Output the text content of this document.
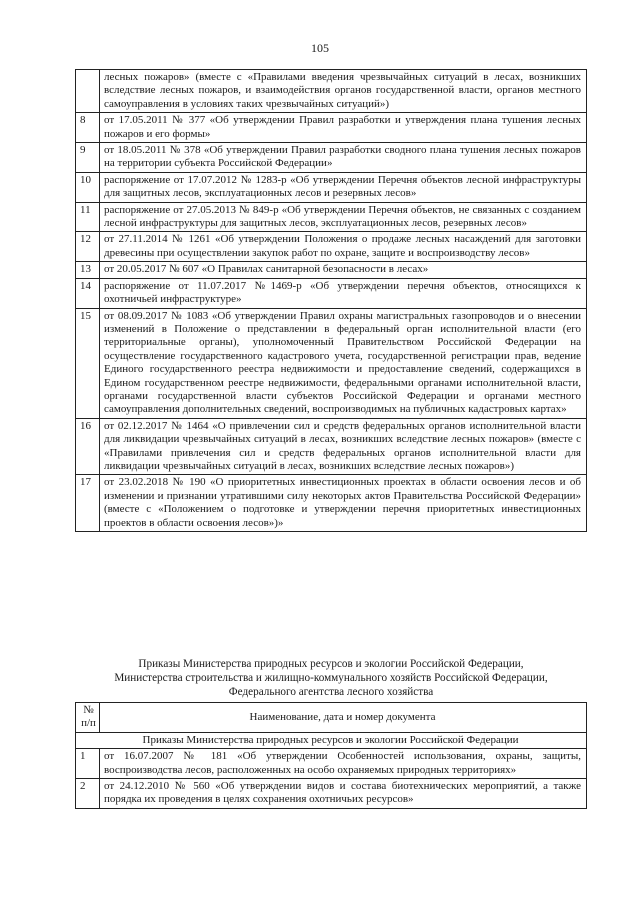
105
	лесных пожаров» (вместе с «Правилами введения чрезвычайных ситуаций в лесах, возникших вследствие лесных пожаров, и взаимодействия органов государственной власти, органов местного самоуправления в условиях таких чрезвычайных ситуаций»)
8	от 17.05.2011 № 377 «Об утверждении Правил разработки и утверждения плана тушения лесных пожаров и его формы»
9	от 18.05.2011 № 378 «Об утверждении Правил разработки сводного плана тушения лесных пожаров на территории субъекта Российской Федерации»
10	распоряжение от 17.07.2012 № 1283-р «Об утверждении Перечня объектов лесной инфраструктуры для защитных лесов, эксплуатационных лесов и резервных лесов»
11	распоряжение от 27.05.2013 № 849-р «Об утверждении Перечня объектов, не связанных с созданием лесной инфраструктуры для защитных лесов, эксплуатационных лесов, резервных лесов»
12	от 27.11.2014 № 1261 «Об утверждении Положения о продаже лесных насаждений для заготовки древесины при осуществлении закупок работ по охране, защите и воспроизводству лесов»
13	от 20.05.2017 № 607 «О Правилах санитарной безопасности в лесах»
14	распоряжение от 11.07.2017 №1469-р «Об утверждении перечня объектов, относящихся к охотничьей инфраструктуре»
15	от 08.09.2017 № 1083 «Об утверждении Правил охраны магистральных газопроводов и о внесении изменений в Положение о представлении в федеральный орган исполнительной власти (его территориальные органы), уполномоченный Правительством Российской Федерации на осуществление государственного кадастрового учета, государственной регистрации прав, ведение Единого государственного реестра недвижимости и предоставление сведений, содержащихся в Едином государственном реестре недвижимости, федеральными органами исполнительной власти, органами государственной власти субъектов Российской Федерации и органами местного самоуправления дополнительных сведений, воспроизводимых на публичных кадастровых картах»
16	от 02.12.2017 № 1464 «О привлечении сил и средств федеральных органов исполнительной власти для ликвидации чрезвычайных ситуаций в лесах, возникших вследствие лесных пожаров» (вместе с «Правилами привлечения сил и средств федеральных органов исполнительной власти для ликвидации чрезвычайных ситуаций в лесах, возникших вследствие лесных пожаров»)
17	от 23.02.2018 № 190 «О приоритетных инвестиционных проектах в области освоения лесов и об изменении и признании утратившими силу некоторых актов Правительства Российской Федерации» (вместе с «Положением о подготовке и утверждении перечня приоритетных инвестиционных проектов в области освоения лесов»)»
Приказы Министерства природных ресурсов и экологии Российской Федерации,
Министерства строительства и жилищно-коммунального хозяйств Российской Федерации,
Федерального агентства лесного хозяйства
№ п/п	Наименование, дата и номер документа
Приказы Министерства природных ресурсов и экологии Российской Федерации	
1	от 16.07.2007 № 181 «Об утверждении Особенностей использования, охраны, защиты, воспроизводства лесов, расположенных на особо охраняемых природных территориях»
2	от 24.12.2010 № 560 «Об утверждении видов и состава биотехнических мероприятий, а также порядка их проведения в целях сохранения охотничьих ресурсов»
